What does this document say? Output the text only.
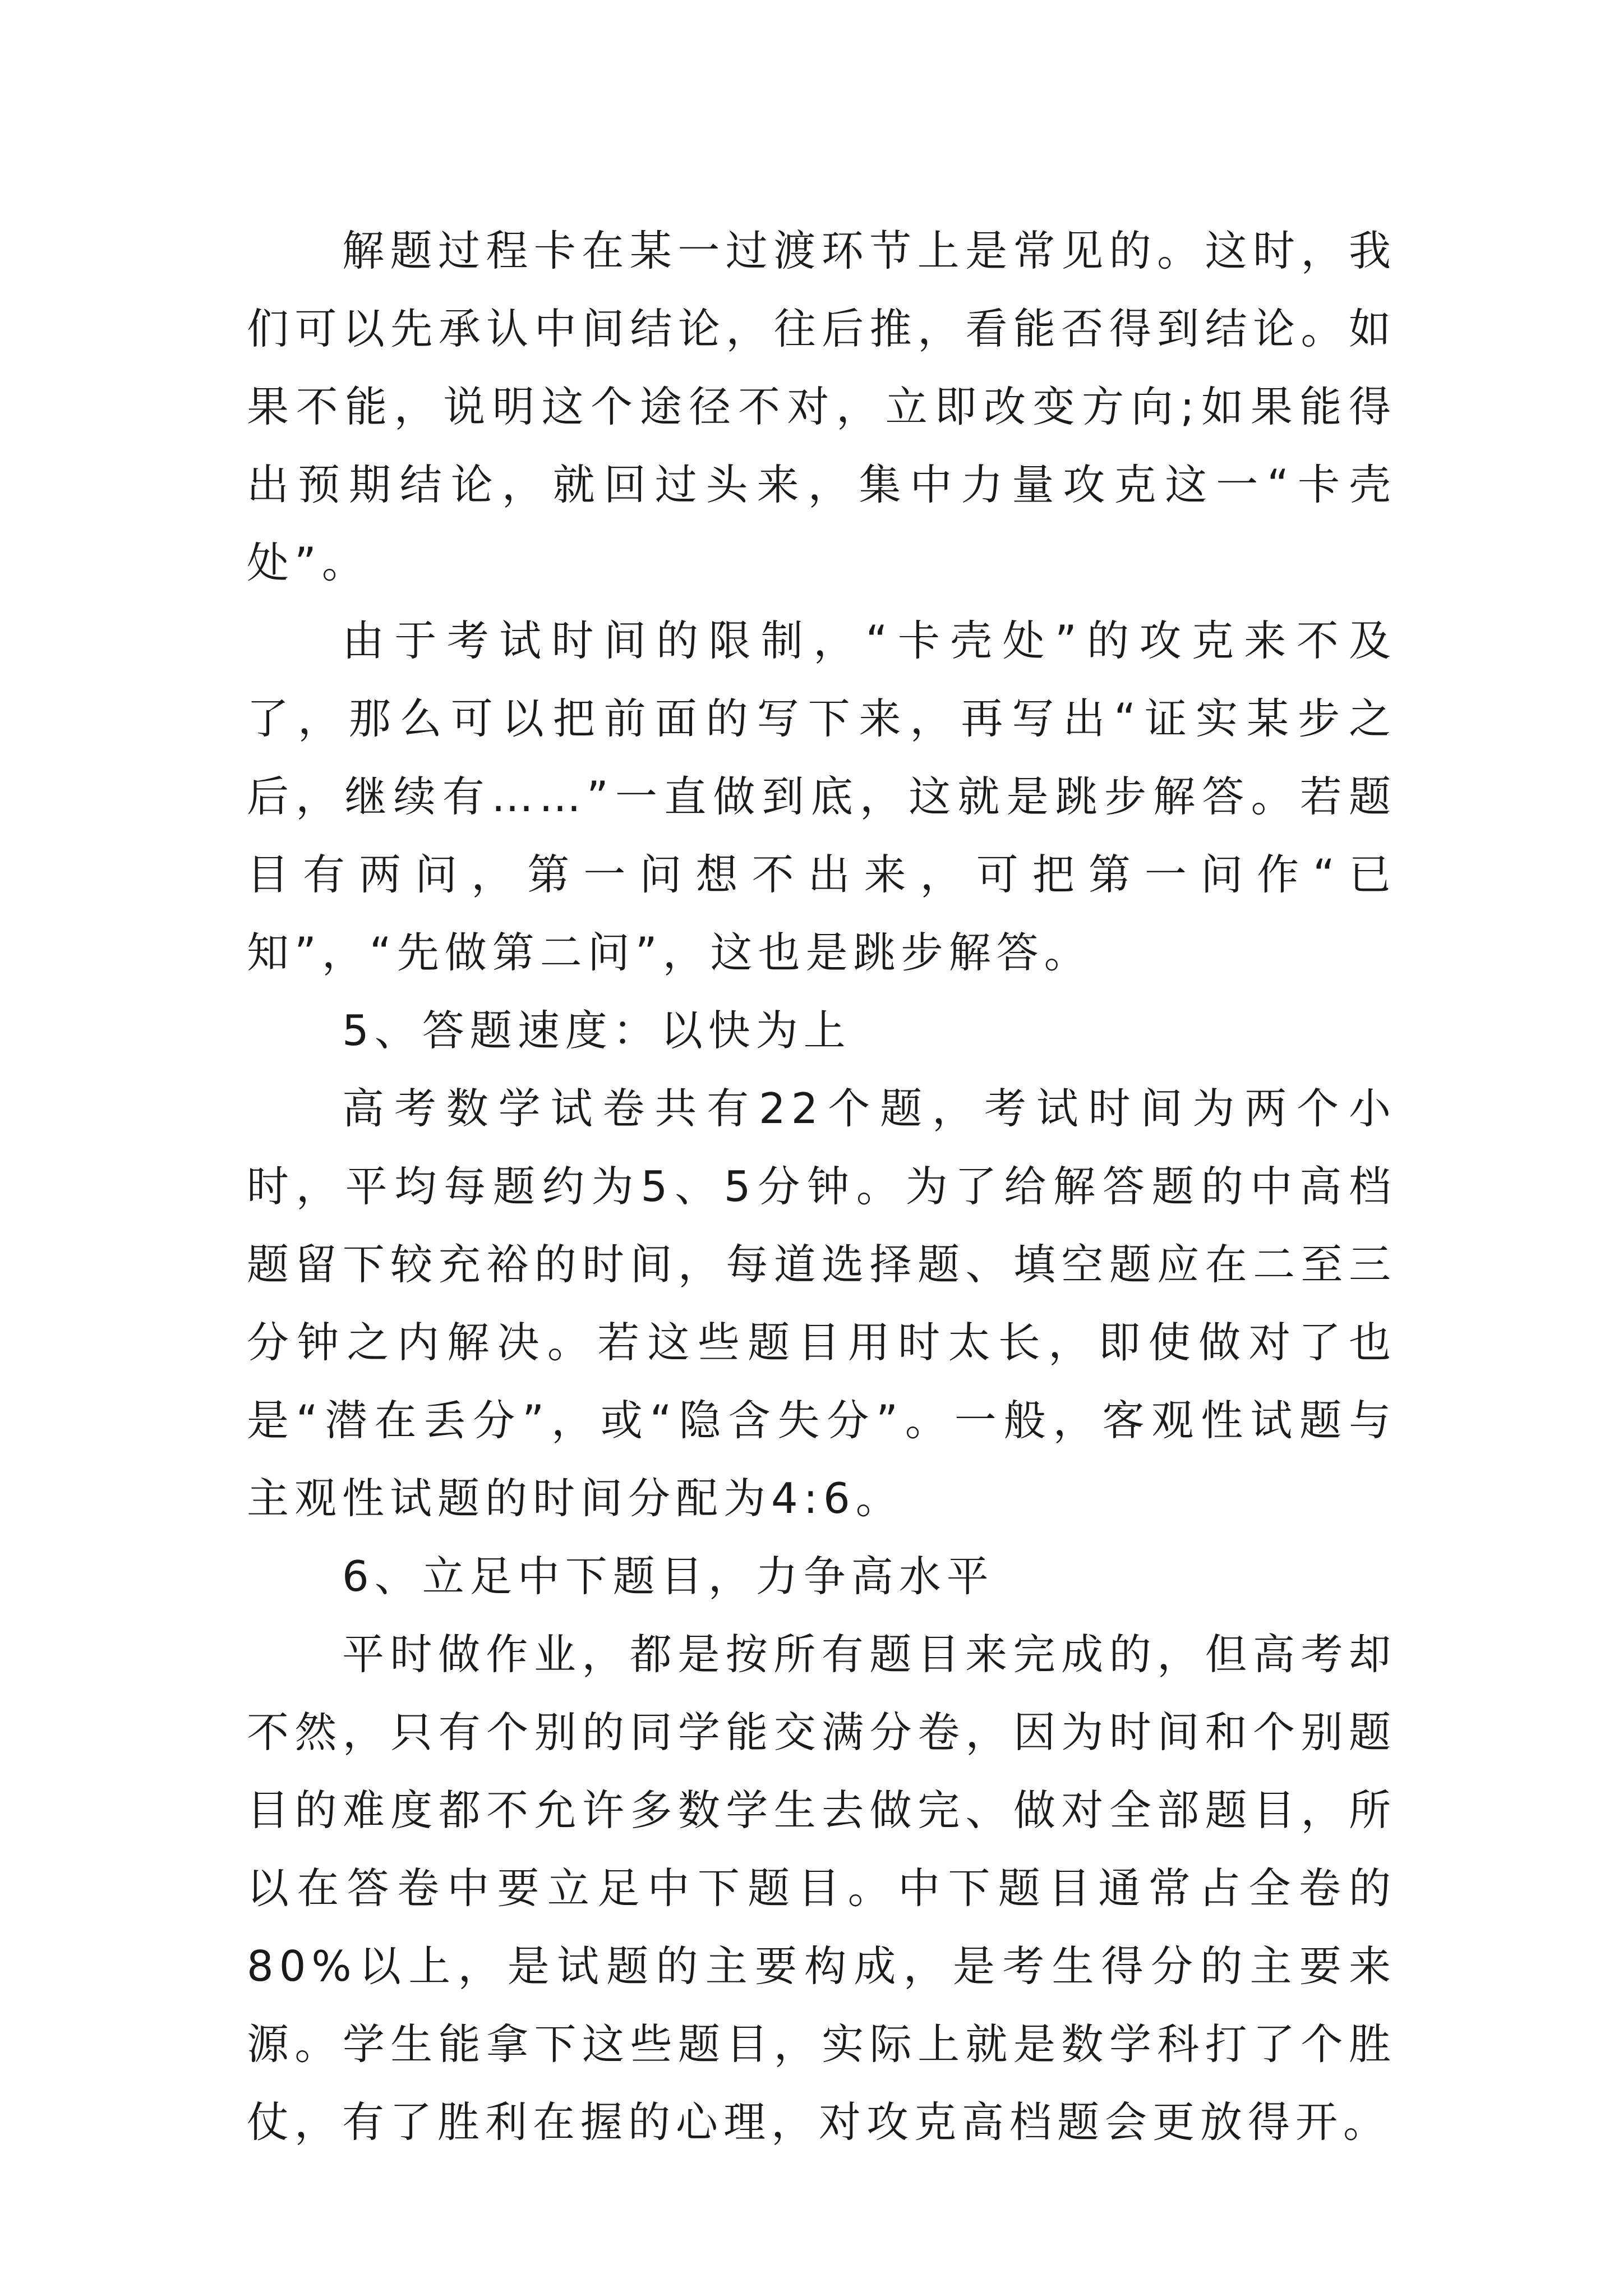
解题过程卡在某一过渡环节上是常见的。这时，我们可以先承认中间结论，往后推，看能否得到结论。如果不能，说明这个途径不对，立即改变方向;如果能得出预期结论，就回过头来，集中力量攻克这一“卡壳处”。

由于考试时间的限制，“卡壳处”的攻克来不及了，那么可以把前面的写下来，再写出“证实某步之后，继续有……”一直做到底，这就是跳步解答。若题目有两问，第一问想不出来，可把第一问作“已知”，“先做第二问”，这也是跳步解答。

5、答题速度：以快为上

高考数学试卷共有22个题，考试时间为两个小时，平均每题约为5、5分钟。为了给解答题的中高档题留下较充裕的时间，每道选择题、填空题应在二至三分钟之内解决。若这些题目用时太长，即使做对了也是“潜在丢分”，或“隐含失分”。一般，客观性试题与主观性试题的时间分配为4:6。

6、立足中下题目，力争高水平

平时做作业，都是按所有题目来完成的，但高考却不然，只有个别的同学能交满分卷，因为时间和个别题目的难度都不允许多数学生去做完、做对全部题目，所以在答卷中要立足中下题目。中下题目通常占全卷的80%以上，是试题的主要构成，是考生得分的主要来源。学生能拿下这些题目，实际上就是数学科打了个胜仗，有了胜利在握的心理，对攻克高档题会更放得开。
